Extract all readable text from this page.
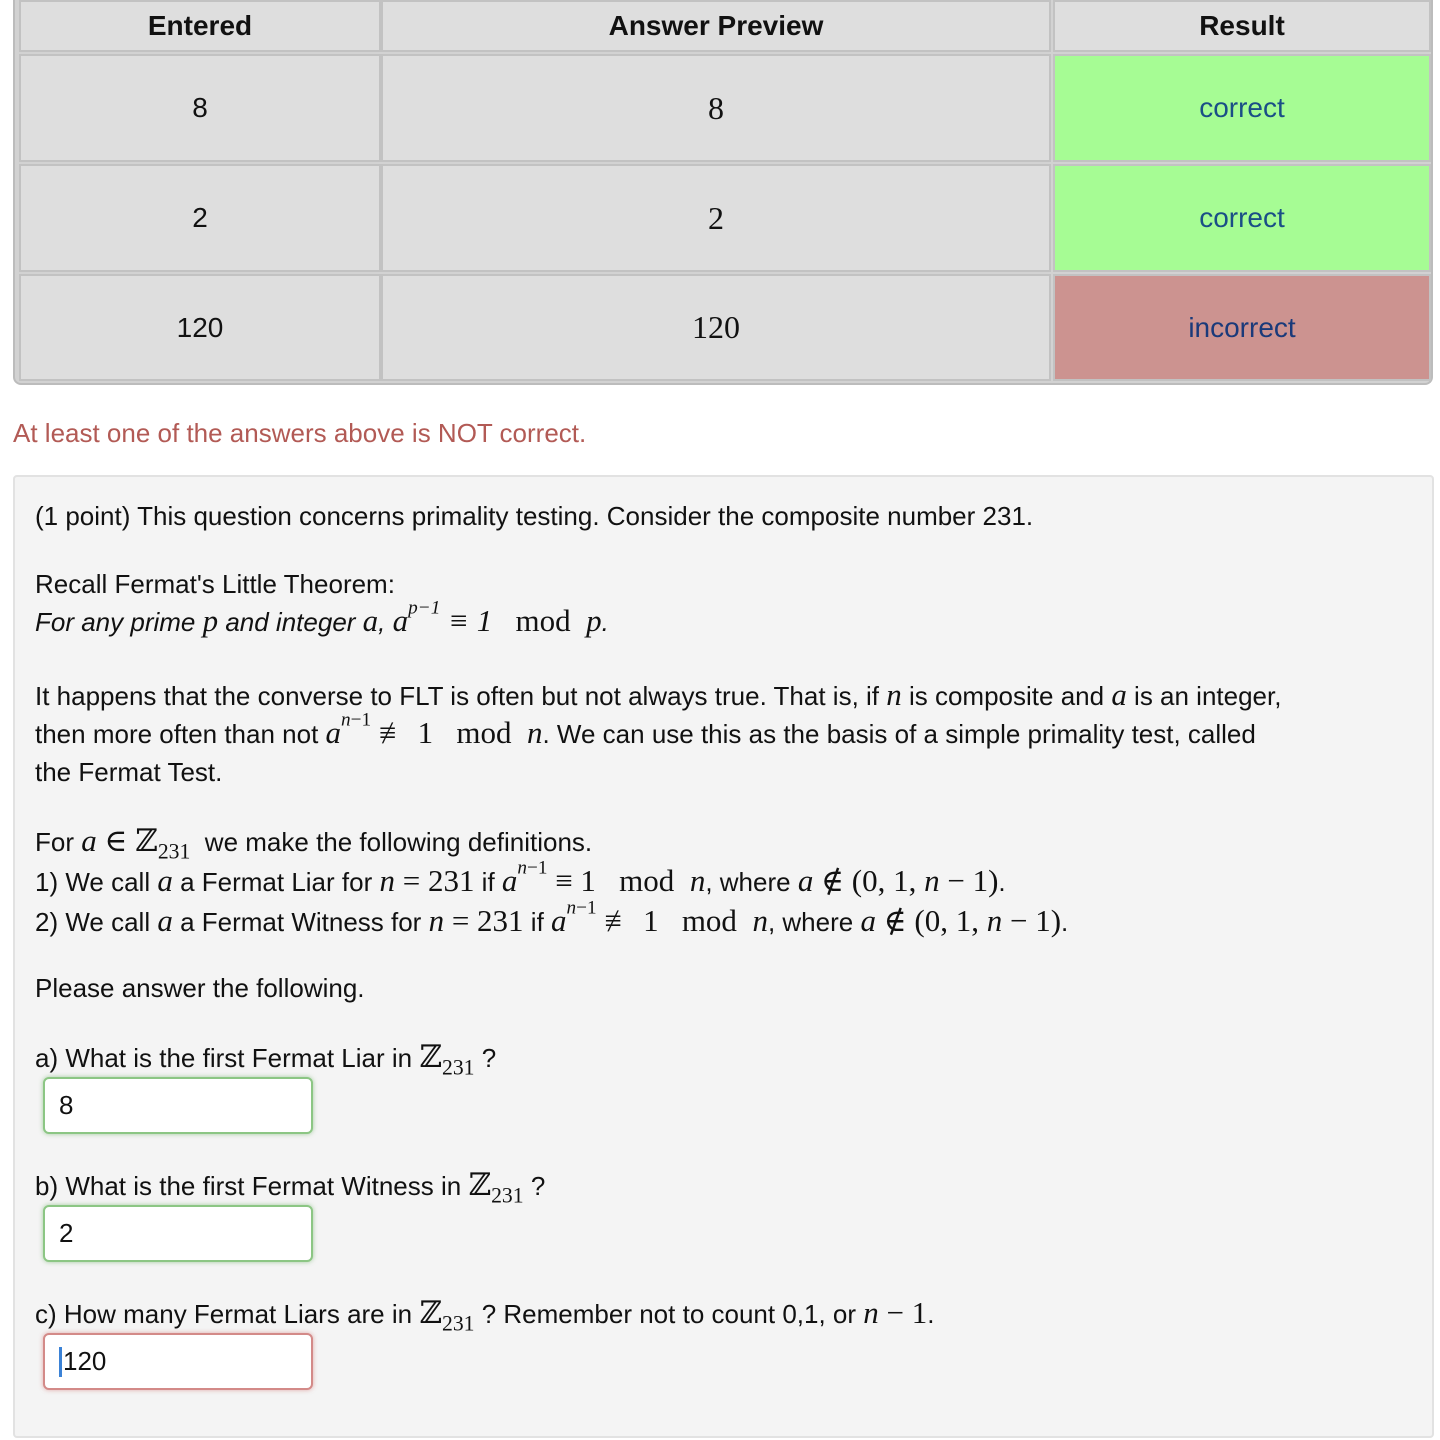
Entered	Answer Preview	Result
8	8	correct
2	2	correct
120	120	incorrect
At least one of the answers above is NOT correct.
(1 point) This question concerns primality testing. Consider the composite number 231.
Recall Fermat's Little Theorem:
For any prime p and integer a, $a^{p-1} \equiv 1$   mod p.
It happens that the converse to FLT is often but not always true. That is, if n is composite and a is an integer,
then more often than not $a^{n-1}$ ≢ 1   mod  n. We can use this as the basis of a simple primality test, called
the Fermat Test.
For a ∈ ℤ$_{231}$  we make the following definitions.
1) We call a a Fermat Liar for n = 231 if $a^{n-1} \equiv 1$   mod  n, where a ∉ (0, 1, n − 1).
2) We call a a Fermat Witness for n = 231 if $a^{n-1}$ ≢ 1   mod  n, where a ∉ (0, 1, n − 1).
Please answer the following.
a) What is the first Fermat Liar in ℤ$_{231}$ ?
8
b) What is the first Fermat Witness in ℤ$_{231}$ ?
2
c) How many Fermat Liars are in ℤ$_{231}$ ? Remember not to count 0,1, or n − 1.
120
